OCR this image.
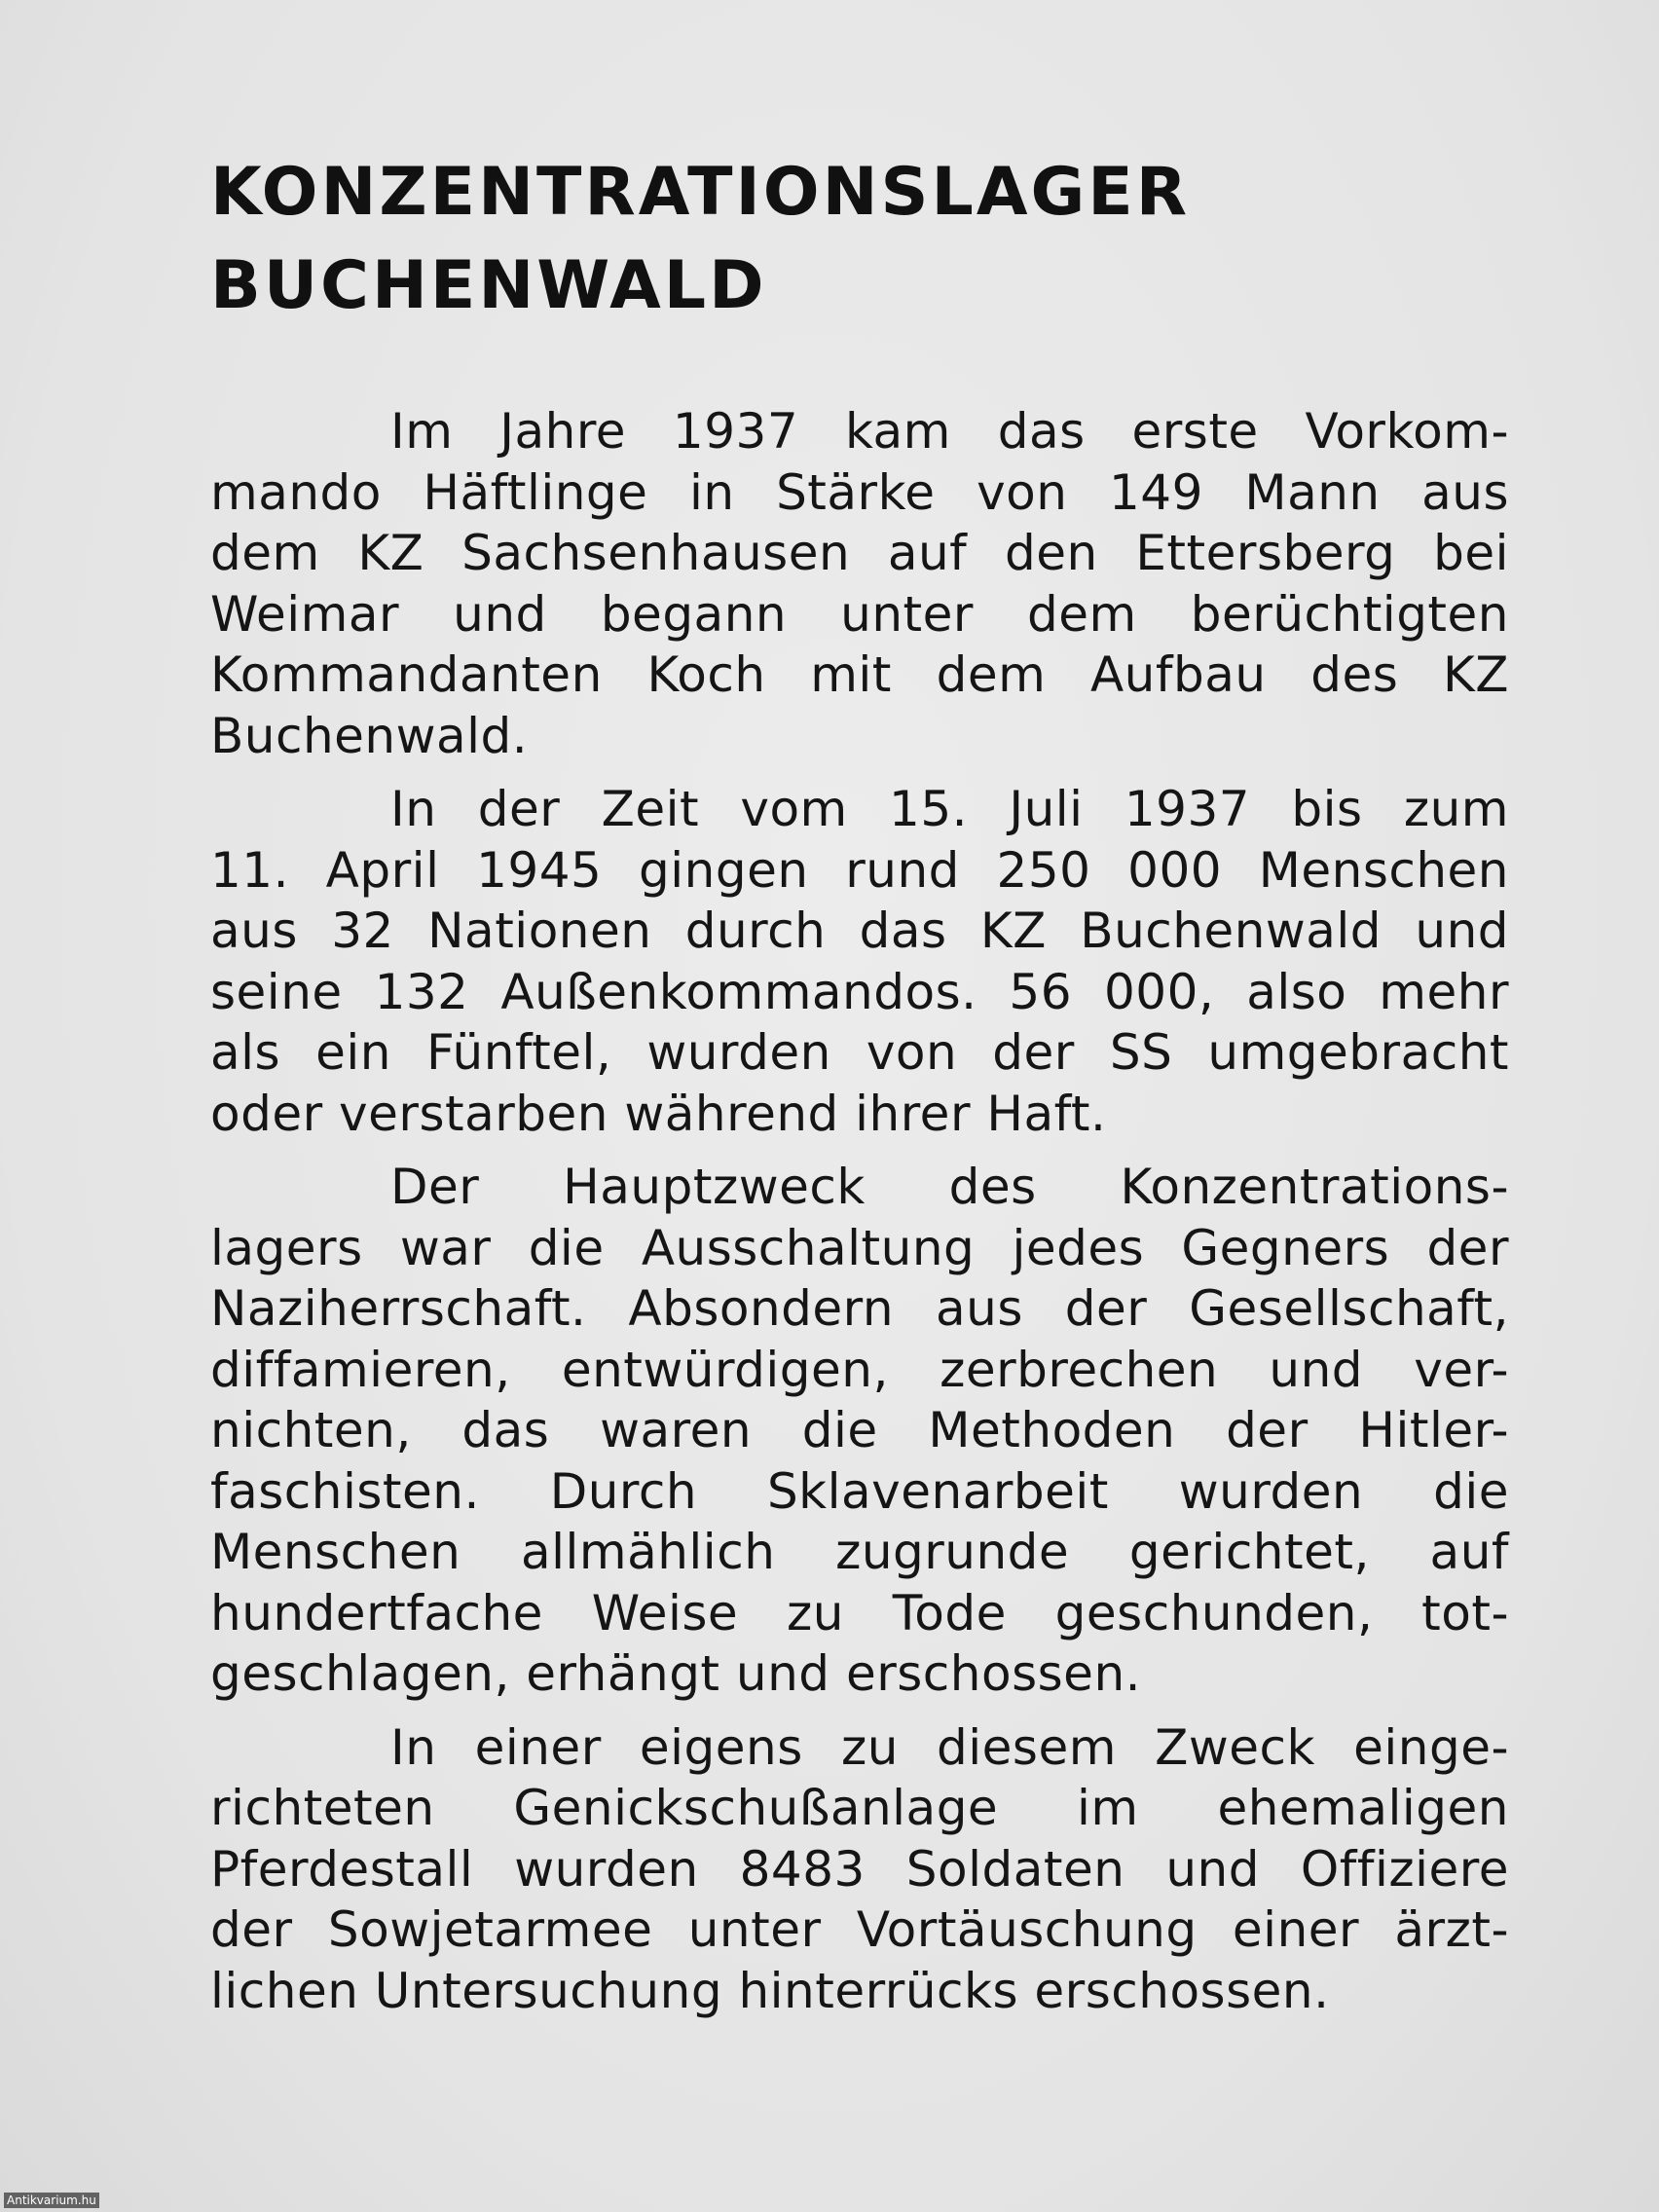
KONZENTRATIONSLAGER
BUCHENWALD
Im Jahre 1937 kam das erste Vorkom-
mando Häftlinge in Stärke von 149 Mann aus
dem KZ Sachsenhausen auf den Ettersberg bei
Weimar und begann unter dem berüchtigten
Kommandanten Koch mit dem Aufbau des KZ
Buchenwald.
In der Zeit vom 15. Juli 1937 bis zum
11. April 1945 gingen rund 250 000 Menschen
aus 32 Nationen durch das KZ Buchenwald und
seine 132 Außenkommandos. 56 000, also mehr
als ein Fünftel, wurden von der SS umgebracht
oder verstarben während ihrer Haft.
Der Hauptzweck des Konzentrations-
lagers war die Ausschaltung jedes Gegners der
Naziherrschaft. Absondern aus der Gesellschaft,
diffamieren, entwürdigen, zerbrechen und ver-
nichten, das waren die Methoden der Hitler-
faschisten. Durch Sklavenarbeit wurden die
Menschen allmählich zugrunde gerichtet, auf
hundertfache Weise zu Tode geschunden, tot-
geschlagen, erhängt und erschossen.
In einer eigens zu diesem Zweck einge-
richteten Genickschußanlage im ehemaligen
Pferdestall wurden 8483 Soldaten und Offiziere
der Sowjetarmee unter Vortäuschung einer ärzt-
lichen Untersuchung hinterrücks erschossen.
Antikvarium.hu
